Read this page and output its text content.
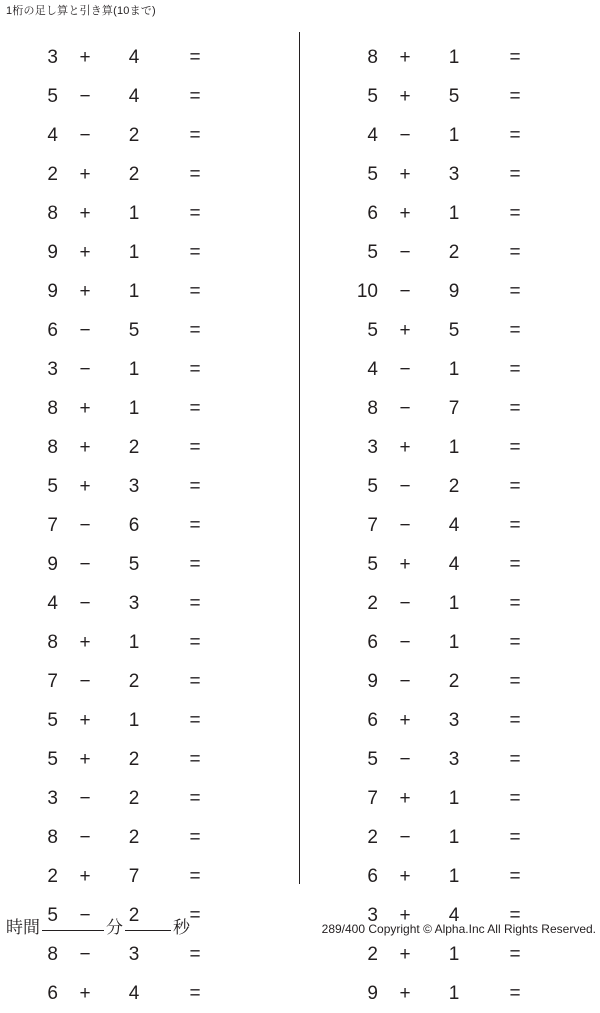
1桁の足し算と引き算(10まで)
3	+	4	=
5	−	4	=
4	−	2	=
2	+	2	=
8	+	1	=
9	+	1	=
9	+	1	=
6	−	5	=
3	−	1	=
8	+	1	=
8	+	2	=
5	+	3	=
7	−	6	=
9	−	5	=
4	−	3	=
8	+	1	=
7	−	2	=
5	+	1	=
5	+	2	=
3	−	2	=
8	−	2	=
2	+	7	=
5	−	2	=
8	−	3	=
6	+	4	=
8	+	1	=
5	+	5	=
4	−	1	=
5	+	3	=
6	+	1	=
5	−	2	=
10	−	9	=
5	+	5	=
4	−	1	=
8	−	7	=
3	+	1	=
5	−	2	=
7	−	4	=
5	+	4	=
2	−	1	=
6	−	1	=
9	−	2	=
6	+	3	=
5	−	3	=
7	+	1	=
2	−	1	=
6	+	1	=
3	+	4	=
2	+	1	=
9	+	1	=
時間	分	秒	289/400 Copyright © Alpha.Inc All Rights Reserved.
